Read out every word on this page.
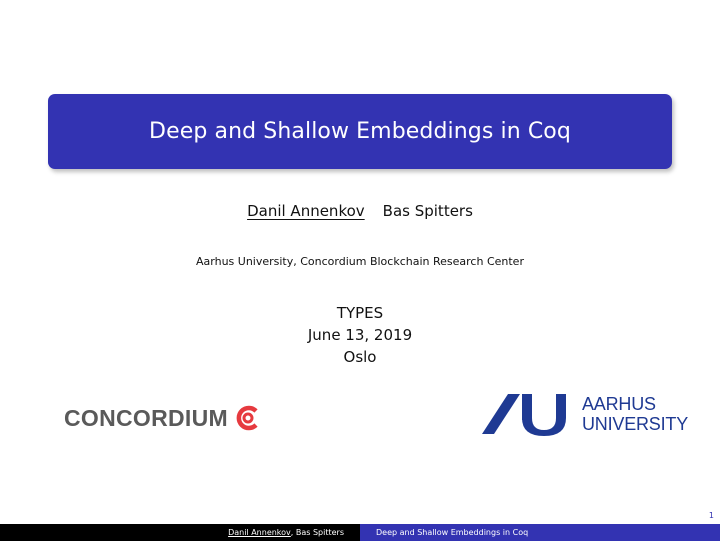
Deep and Shallow Embeddings in Coq
Danil Annenkov Bas Spitters
Aarhus University, Concordium Blockchain Research Center
TYPES
June 13, 2019
Oslo
CONCORDIUM
AARHUS
UNIVERSITY
1
Danil Annenkov , Bas Spitters	Deep and Shallow Embeddings in Coq
